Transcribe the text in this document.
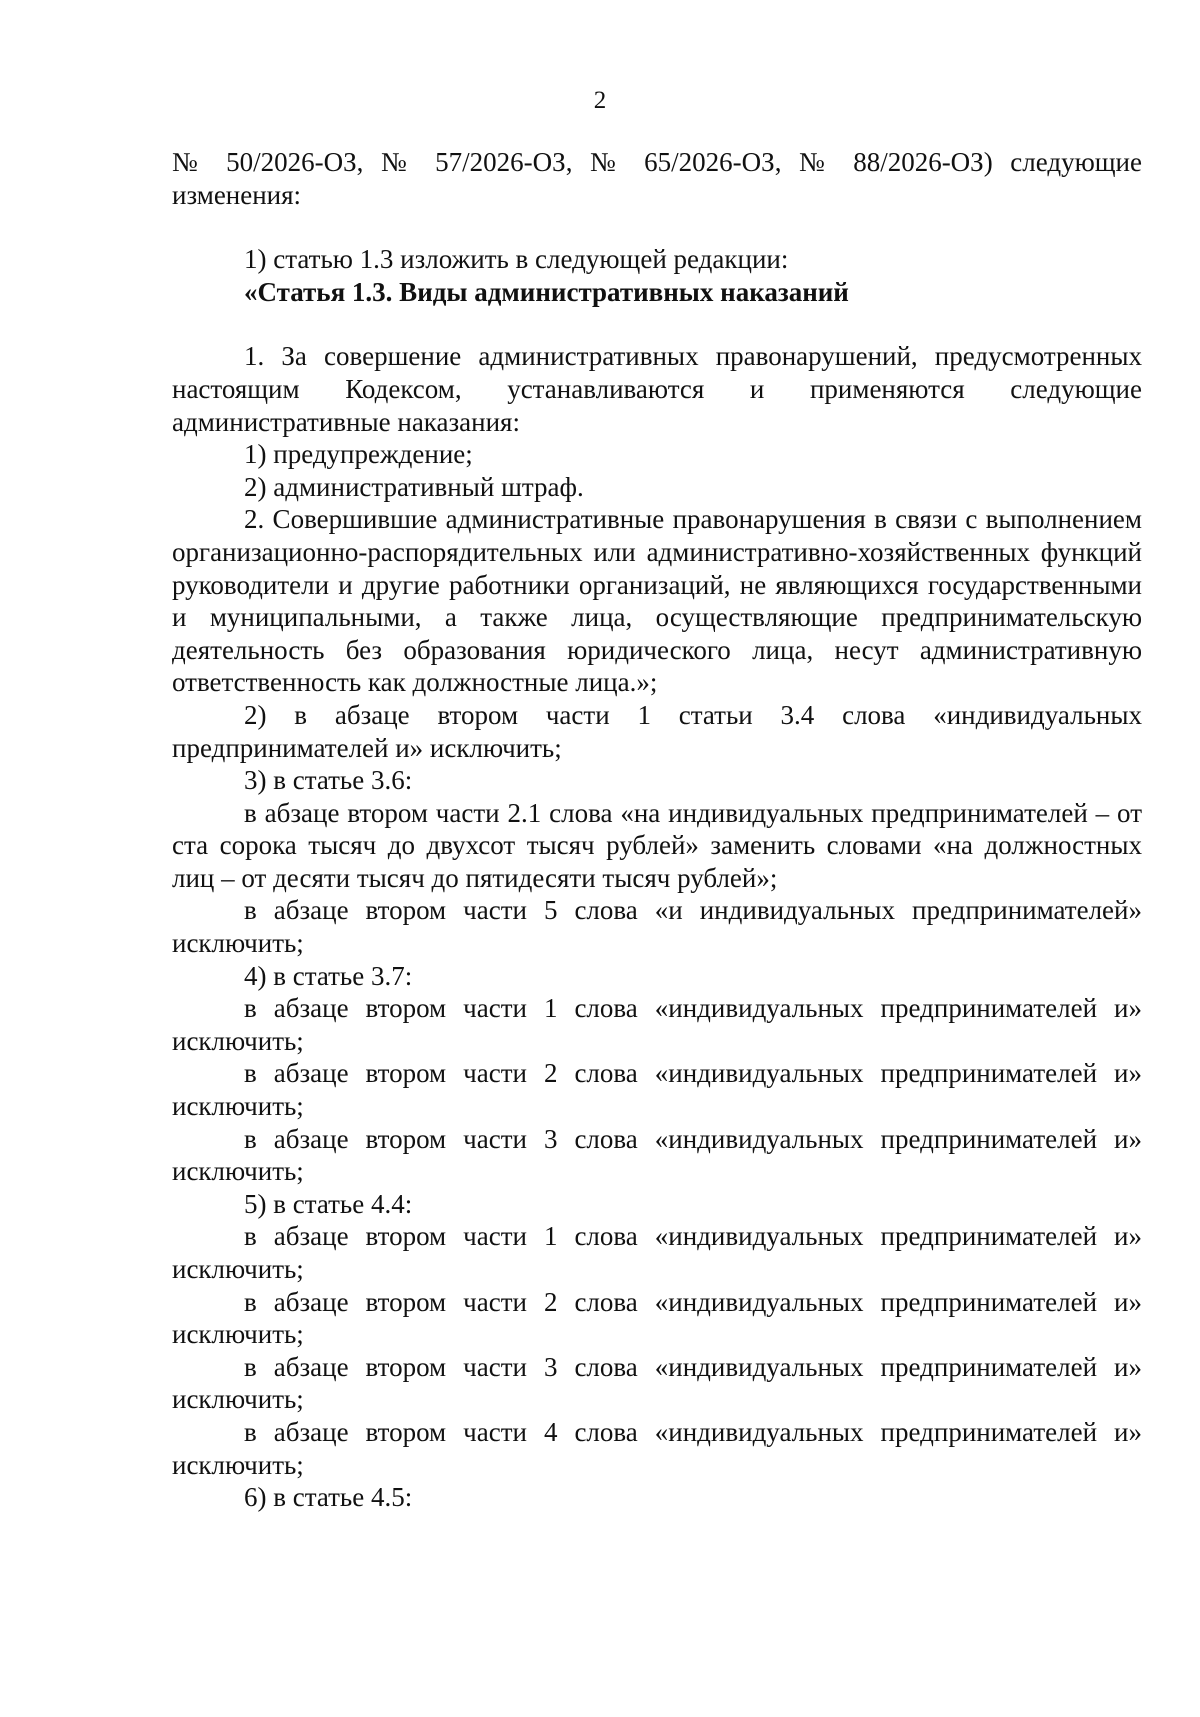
2

№ 50/2026-ОЗ, № 57/2026-ОЗ, № 65/2026-ОЗ, № 88/2026-ОЗ) следующие изменения:

1) статью 1.3 изложить в следующей редакции:

«Статья 1.3. Виды административных наказаний

1. За совершение административных правонарушений, предусмотренных настоящим Кодексом, устанавливаются и применяются следующие административные наказания:

1) предупреждение;

2) административный штраф.

2. Совершившие административные правонарушения в связи с выполнением организационно-распорядительных или административно-хозяйственных функций руководители и другие работники организаций, не являющихся государственными и муниципальными, а также лица, осуществляющие предпринимательскую деятельность без образования юридического лица, несут административную ответственность как должностные лица.»;

2) в абзаце втором части 1 статьи 3.4 слова «индивидуальных предпринимателей и» исключить;

3) в статье 3.6:

в абзаце втором части 2.1 слова «на индивидуальных предпринимателей – от ста сорока тысяч до двухсот тысяч рублей» заменить словами «на должностных лиц – от десяти тысяч до пятидесяти тысяч рублей»;

в абзаце втором части 5 слова «и индивидуальных предпринимателей» исключить;

4) в статье 3.7:

в абзаце втором части 1 слова «индивидуальных предпринимателей и» исключить;

в абзаце втором части 2 слова «индивидуальных предпринимателей и» исключить;

в абзаце втором части 3 слова «индивидуальных предпринимателей и» исключить;

5) в статье 4.4:

в абзаце втором части 1 слова «индивидуальных предпринимателей и» исключить;

в абзаце втором части 2 слова «индивидуальных предпринимателей и» исключить;

в абзаце втором части 3 слова «индивидуальных предпринимателей и» исключить;

в абзаце втором части 4 слова «индивидуальных предпринимателей и» исключить;

6) в статье 4.5:
